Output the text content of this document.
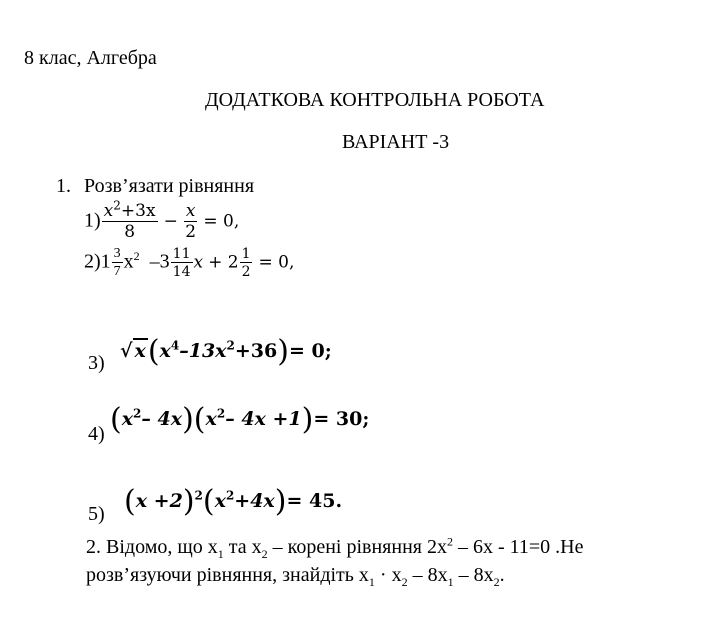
8 клас, Алгебра
ДОДАТКОВА КОНТРОЛЬНА РОБОТА
ВАРІАНТ -3
1. Розв’язати рівняння
$1) \frac{x^2+3x}{8} - \frac{x}{2} = 0$,
$2)1 \frac{3}{7} x^2$ $-3 \frac{11}{14}$ $x + 2 \frac{1}{2} = 0$,
3)
√ $x(x^4-13x^2+36)= 0$;
4) ($x^2-$ $4x)(x^2-$ 4x +1)= 30;
5) $(x +2)^2(x^2+4x)= 45$.
2. Відомо, що $x_1$ та $x_2$ – корені рівняння $2x^2 - 6x - 11=0$ .Не
розв’язуючи рівняння, знайдіть $x_1 \cdot x_2 - 8x_1 - 8x_2$.
